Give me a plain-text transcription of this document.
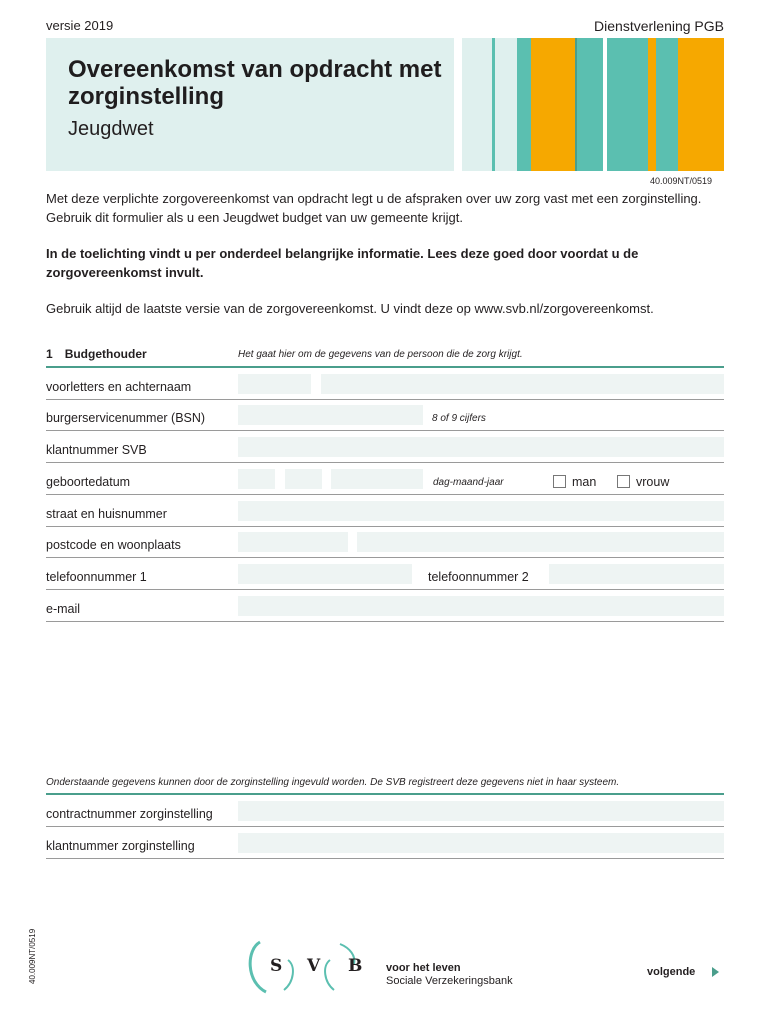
versie 2019	Dienstverlening PGB
Overeenkomst van opdracht met zorginstelling
Jeugdwet
40.009NT/0519
Met deze verplichte zorgovereenkomst van opdracht legt u de afspraken over uw zorg vast met een zorginstelling. Gebruik dit formulier als u een Jeugdwet budget van uw gemeente krijgt.
In de toelichting vindt u per onderdeel belangrijke informatie. Lees deze goed door voordat u de zorgovereenkomst invult.
Gebruik altijd de laatste versie van de zorgovereenkomst. U vindt deze op www.svb.nl/zorgovereenkomst.
1 Budgethouder	Het gaat hier om de gegevens van de persoon die de zorg krijgt.
voorletters en achternaam
burgerservicenummer (BSN)	8 of 9 cijfers
klantnummer SVB
geboortedatum	dag-maand-jaar	man	vrouw
straat en huisnummer
postcode en woonplaats
telefoonnummer 1	telefoonnummer 2
e-mail
Onderstaande gegevens kunnen door de zorginstelling ingevuld worden. De SVB registreert deze gegevens niet in haar systeem.
contractnummer zorginstelling
klantnummer zorginstelling
40.009NT/0519	S V B voor het leven
Sociale Verzekeringsbank
volgende
